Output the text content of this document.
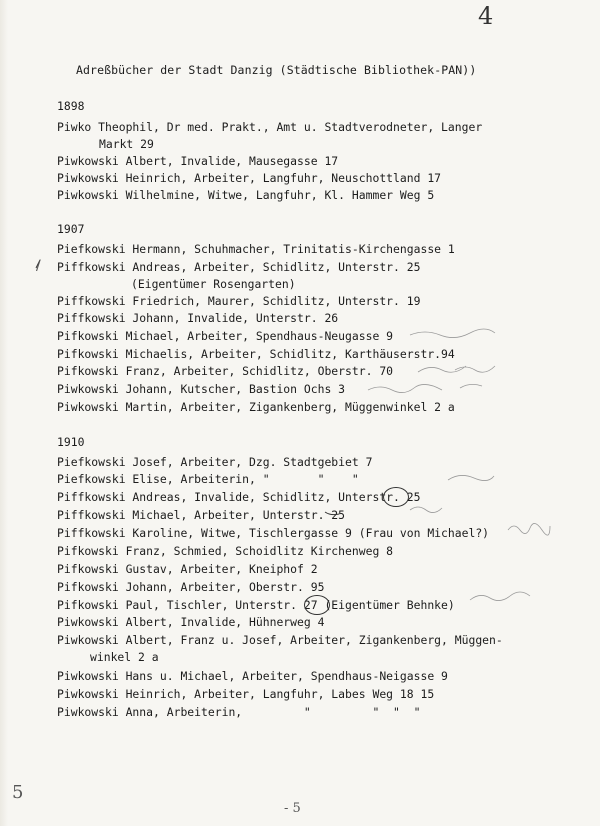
4
Adreßbücher der Stadt Danzig (Städtische Bibliothek-PAN))
1898
Piwko Theophil, Dr med. Prakt., Amt u. Stadtverodneter, Langer
Markt 29
Piwkowski Albert, Invalide, Mausegasse 17
Piwkowski Heinrich, Arbeiter, Langfuhr, Neuschottland 17
Piwkowski Wilhelmine, Witwe, Langfuhr, Kl. Hammer Weg 5
1907
Piefkowski Hermann, Schuhmacher, Trinitatis-Kirchengasse 1
Piffkowski Andreas, Arbeiter, Schidlitz, Unterstr. 25
(Eigentümer Rosengarten)
Piffkowski Friedrich, Maurer, Schidlitz, Unterstr. 19
Piffkowski Johann, Invalide, Unterstr. 26
Pifkowski Michael, Arbeiter, Spendhaus-Neugasse 9
Pifkowski Michaelis, Arbeiter, Schidlitz, Karthäuserstr.94
Pifkowski Franz, Arbeiter, Schidlitz, Oberstr. 70
Piwkowski Johann, Kutscher, Bastion Ochs 3
Piwkowski Martin, Arbeiter, Zigankenberg, Müggenwinkel 2 a
1910
Piefkowski Josef, Arbeiter, Dzg. Stadtgebiet 7
Piefkowski Elise, Arbeiterin, "       "    "
Piffkowski Andreas, Invalide, Schidlitz, Unterstr. 25
Piffkowski Michael, Arbeiter, Unterstr. 25
Piffkowski Karoline, Witwe, Tischlergasse 9 (Frau von Michael?)
Pifkowski Franz, Schmied, Schoidlitz Kirchenweg 8
Pifkowski Gustav, Arbeiter, Kneiphof 2
Pifkowski Johann, Arbeiter, Oberstr. 95
Pifkowski Paul, Tischler, Unterstr. 27 (Eigentümer Behnke)
Piwkowski Albert, Invalide, Hühnerweg 4
Piwkowski Albert, Franz u. Josef, Arbeiter, Zigankenberg, Müggen-
winkel 2 a
Piwkowski Hans u. Michael, Arbeiter, Spendhaus-Neigasse 9
Piwkowski Heinrich, Arbeiter, Langfuhr, Labes Weg 18 15
Piwkowski Anna, Arbeiterin,         "         "  "  "
/
5
- 5
